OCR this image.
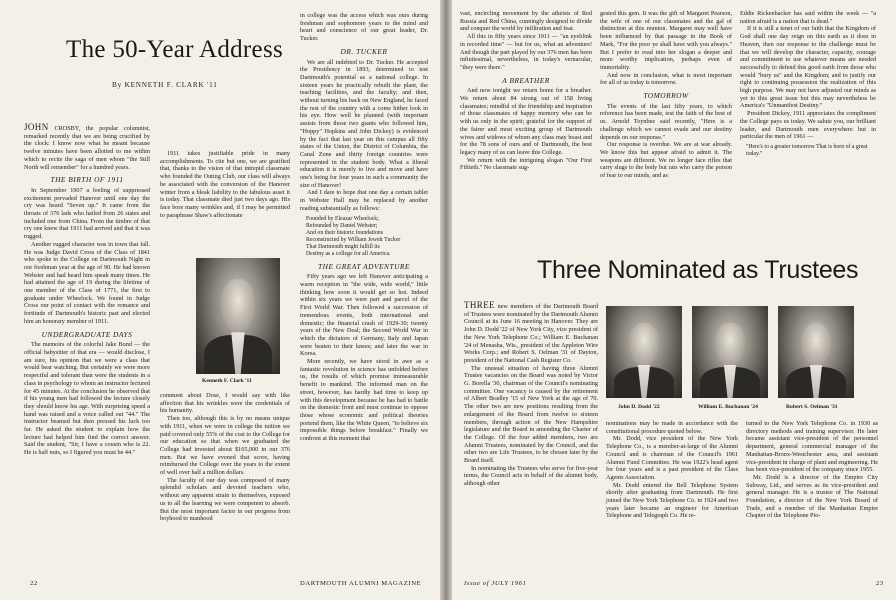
The 50-Year Address
By KENNETH F. CLARK '11

JOHN CROSBY, the popular columnist, remarked recently that we are being crucified by the clock: I know now what he meant because twelve minutes have been allotted to me within which to recite the saga of men whom "the Still North will remember" for a hundred years.

THE BIRTH OF 1911

In September 1907 a feeling of suppressed excitement pervaded Hanover until one day the cry was heard "Seven up." It came from the throats of 376 lads who hailed from 26 states and included one from China. From the timbre of that cry one knew that 1911 had arrived and that it was rugged.

Another rugged character was in town that fall. He was Judge David Cross of the Class of 1841 who spoke to the College on Dartmouth Night in our freshman year at the age of 90. He had known Webster and had heard him speak many times. He had attained the age of 19 during the lifetime of one member of the Class of 1771, the first to graduate under Wheelock. We found in Judge Cross our point of contact with the romance and fortitude of Dartmouth's historic past and elected him an honorary member of 1911.

UNDERGRADUATE DAYS

The memoirs of the colorful Jake Bond — the official babysitter of that era — would disclose, I am sure, his opinion that we were a class that would bear watching. But certainly we were more respectful and tolerant than were the students in a class in psychology to whom an instructor lectured for 45 minutes. At the conclusion he observed that if his young men had followed the lecture closely they should know his age. With surprising speed a hand was raised and a voice called out "44." The instructor beamed but then pressed his luck too far. He asked the student to explain how the lecture had helped him find the correct answer. Said the student, "Sir, I have a cousin who is 22. He is half nuts, so I figured you must be 44."

1911 takes justifiable pride in many accomplishments. To cite but one, we are gratified that, thanks to the vision of that intrepid classmate who founded the Outing Club, our class will always be associated with the conversion of the Hanover winter from a bleak liability to the fabulous asset it is today. That classmate died just two days ago. His face bore many wrinkles and, if I may be permitted to paraphrase Shaw's affectionate

Kenneth F. Clark '11

comment about Dose, I would say with like affection that his wrinkles were the credentials of his humanity.

Then too, although this is by no means unique with 1911, when we were in college the tuition we paid covered only 55% of the cost to the College for our education so that when we graduated the College had invested about $165,000 in our 376 men. But we have evened that score, having reimbursed the College over the years to the extent of well over half a million dollars.

The faculty of our day was composed of many splendid scholars and devoted teachers who, without any apparent strain to themselves, exposed us to all the learning we were competent to absorb. But the most important factor in our progress from boyhood to manhood

in college was the access which was ours during freshman and sophomore years to the mind and heart and conscience of our great leader, Dr. Tucker.

DR. TUCKER

We are all indebted to Dr. Tucker. He accepted the Presidency in 1893, determined to test Dartmouth's potential as a national college. In sixteen years he practically rebuilt the plant, the teaching facilities, and the faculty; and then, without turning his back on New England, he faced the rest of the country with a come hither look in his eye. How well he planned (with important assists from those two giants who followed him, "Hoppy" Hopkins and John Dickey) is evidenced by the fact that last year on this campus all fifty states of the Union, the District of Columbia, the Canal Zone and thirty foreign countries were represented in the student body. What a liberal education it is merely to live and move and have one's being for four years in such a community the size of Hanover!

And I dare to hope that one day a certain tablet in Webster Hall may be replaced by another reading substantially as follows:

Founded by Eleazar Wheelock;
Refounded by Daniel Webster;
And on their historic foundations
Reconstructed by William Jewett Tucker
That Dartmouth might fulfill its
Destiny as a college for all America.
THE GREAT ADVENTURE

Fifty years ago we left Hanover anticipating a warm reception in "the wide, wide world," little thinking how soon it would get so hot. Indeed within six years we were part and parcel of the First World War. Then followed a succession of tremendous events, both international and domestic; the financial crash of 1929-30; twenty years of the New Deal; the Second World War in which the dictators of Germany, Italy and Japan were beaten to their knees; and later the war in Korea.

More recently, we have stood in awe as a fantastic revolution in science has unfolded before us, the results of which promise immeasurable benefit to mankind. The informed man on the street, however, has hardly had time to keep up with this development because he has had to battle on the domestic front and must continue to oppose those whose economic and political theories portend them, like the White Queen, "to believe six impossible things before breakfast." Finally we confront at this moment that

22	DARTMOUTH ALUMNI MAGAZINE

vast, encircling movement by the atheists of Red Russia and Red China, cunningly designed to divide and conquer the world by infiltration and fear.

All this in fifty years since 1911 — "an eyeblink in recorded time" — but for us, what an adventure! And though the part played by our 376 men has been infinitesimal, nevertheless, in today's vernacular, "they were there."

A BREATHER

And now tonight we return home for a breather. We return about 84 strong out of 158 living classmates; mindful of the friendship and inspiration of those classmates of happy memory who can be with us only in the spirit; grateful for the support of the fairer and most exciting group of Dartmouth wives and widows of whom any class may boast and for the 78 sons of ours and of Dartmouth, the best legacy many of us can leave this College.

We return with the intriguing slogan "Our First Fiftieth." No classmate sug-

gested this gem. It was the gift of Margaret Pearson, the wife of one of our classmates and the gal of distinction at this reunion. Margaret may well have been influenced by that passage in the Book of Mark, "For the poor ye shall have with you always." But I prefer to read into her slogan a deeper and more worthy implication, perhaps even of immortality.

And now in conclusion, what is most important for all of us today is tomorrow.

TOMORROW

The events of the last fifty years, to which reference has been made, test the faith of the best of us. Arnold Toynbee said recently, "Here is a challenge which we cannot evade and our destiny depends on our response."

Our response is overdue. We are at war already. We know this but appear afraid to admit it. The weapons are different. We no longer face rifles that carry slugs to the body but rats who carry the poison of fear to our minds, and as

Eddie Rickenbacker has said within the week — "a nation afraid is a nation that is dead."

If it is still a tenet of our faith that the Kingdom of God shall one day reign on this earth as it does in Heaven, then our response to the challenge must be that we will develop the character, capacity, courage and commitment to use whatever means are needed successfully to defend this good earth from those who would "bury us" and the Kingdom; and to justify our right to continuing possession the realization of this high purpose. We may not have adjusted our minds as yet to this great issue but this may nevertheless be America's "Unmanifest Destiny."

President Dickey, 1911 appreciates the compliment the College pays us today. We salute you, our brilliant leader, and Dartmouth men everywhere but in particular the men of 1961 —

"Here's to a greater tomorrow That is born of a great today."
Three Nominated as Trustees

THREE new members of the Dartmouth Board of Trustees were nominated by the Dartmouth Alumni Council at its June 16 meeting in Hanover. They are John D. Dodd '22 of New York City, vice president of the New York Telephone Co.; William E. Buchanan '24 of Menasha, Wis., president of the Appleton Wire Works Corp.; and Robert S. Oelman '31 of Dayton, president of the National Cash Register Co.

The unusual situation of having three Alumni Trustee vacancies on the Board was noted by Victor G. Borella '30, chairman of the Council's nominating committee. One vacancy is caused by the retirement of Albert Bradley '15 of New York at the age of 70. The other two are new positions resulting from the enlargement of the Board from twelve to sixteen members, through action of the New Hampshire legislature and the Board in amending the Charter of the College. Of the four added members, two are Alumni Trustees, nominated by the Council, and the other two are Life Trustees, to be chosen later by the Board itself.

In nominating the Trustees who serve for five-year terms, the Council acts in behalf of the alumni body, although other

John D. Dodd '22	William E. Buchanan '24	Robert S. Oelman '31

nominations may be made in accordance with the constitutional procedure quoted below.

Mr. Dodd, vice president of the New York Telephone Co., is a member-at-large of the Alumni Council and is chairman of the Council's 1961 Alumni Fund Committee. He was 1922's head agent for four years and is a past president of the Class Agents Association.

Mr. Dodd entered the Bell Telephone System shortly after graduating from Dartmouth. He first joined the New York Telephone Co. in 1924 and two years later became an engineer for American Telephone and Telegraph Co. He re-

turned to the New York Telephone Co. in 1930 as directory methods and training supervisor. He later became assistant vice-president of the personnel department, general commercial manager of the Manhattan-Bronx-Westchester area, and assistant vice-president in charge of plant and engineering. He has been vice-president of the company since 1955.

Mr. Dodd is a director of the Empire City Subway, Ltd., and serves as its vice-president and general manager. He is a trustee of The National Foundation, a director of the New York Board of Trade, and a member of the Manhattan Empire Chapter of the Telephone Pio-

Issue of JULY 1961	23
